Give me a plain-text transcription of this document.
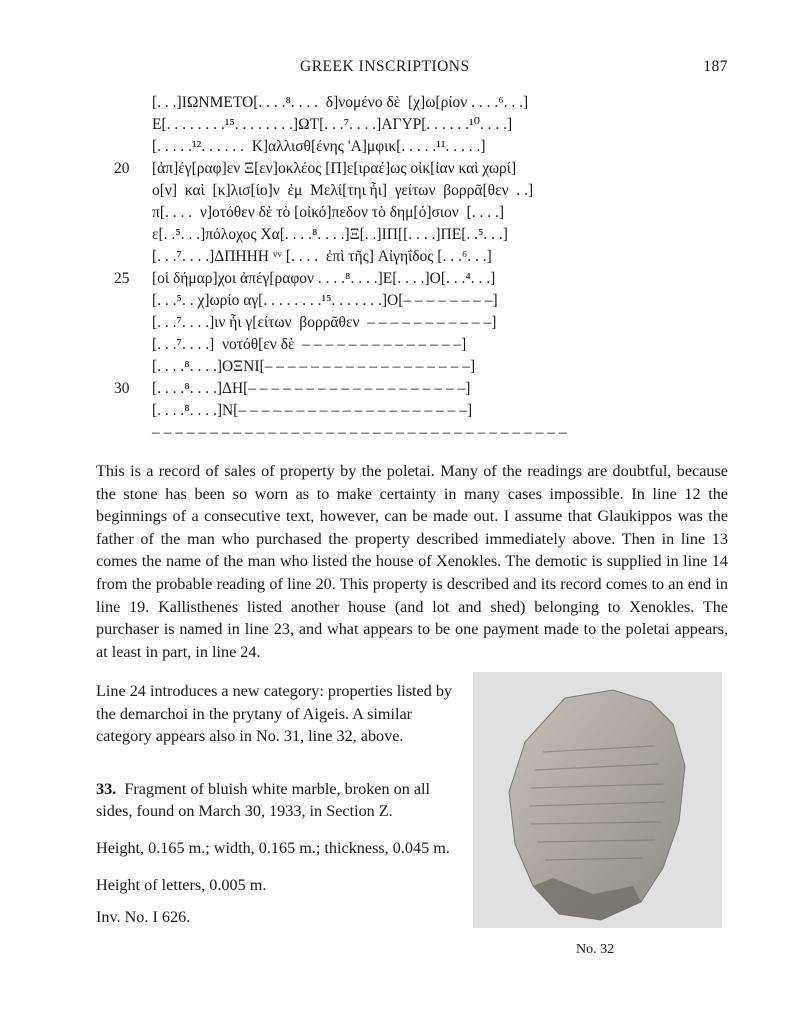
GREEK INSCRIPTIONS	187
[. . .]ΙΩΝΜΕΤΟ[. . . .⁸. . . .  δ]νομένο δὲ  [χ]ω[ρίον . . . .⁶. . .]
Ε[. . . . . . . .¹⁵. . . . . . . .]ΩΤ[. . .⁷. . . .]ΑΓΥΡ[. . . . . .¹⁰. . . .]
[. . . . .¹². . . . . .  Κ]αλλισθ[ένης 'Α]μφικ[. . . . .¹¹. . . . .]
20	[ἀπ]έγ[ραφ]εν Ξ[εν]οκλέος [Π]ε[ιραέ]ως οἰκ[ίαν καὶ χωρί]
ο[ν]  καὶ  [κ]λισ[ίο]ν  ἐμ  Μελί[τηι ἧι]  γείτων  βορρᾶ[θεν  . .]
π[. . . .  ν]οτόθεν δὲ τὸ [οἰκό]πεδον τὸ δημ[ό]σιον  [. . . .]
ε[. .⁵. . .]πόλοχος Χα[. . . .⁸. . . .]Ξ[. .]ΙΠ[[. . . .]ΠΕ[. .⁵. . .]
[. . .⁷. . . .]ΔΠΗΗΗ ᵛᵛ [. . . .  ἐπὶ τῆς] Αἰγηΐδος [. . .⁶. . .]
25	[οἱ δήμαρ]χοι ἀπέγ[ραφον . . . .⁸. . . .]Ε[. . . .]Ο[. . .⁴. . .]
[. . .⁵. . χ]ωρίο αγ[. . . . . . . .¹⁵. . . . . . .]Ο[– – – – – – – –]
[. . .⁷. . . .]ιν ἧι γ[είτων  βορρᾶθεν  – – – – – – – – – – –]
[. . .⁷. . . .]  νοτόθ[εν δὲ  – – – – – – – – – – – – – –]
[. . . .⁸. . . .]ΟΞΝΙ[– – – – – – – – – – – – – – – – – –]
30	[. . . .⁸. . . .]ΔΗ[– – – – – – – – – – – – – – – – – – –]
[. . . .⁸. . . .]Ν[– – – – – – – – – – – – – – – – – – – –]
– – – – – – – – – – – – – – – – – – – – – – – – – – – – – – – – – – – –

This is a record of sales of property by the poletai. Many of the readings are doubtful, because the stone has been so worn as to make certainty in many cases impossible. In line 12 the beginnings of a consecutive text, however, can be made out. I assume that Glaukippos was the father of the man who purchased the property described immediately above. Then in line 13 comes the name of the man who listed the house of Xenokles. The demotic is supplied in line 14 from the probable reading of line 20. This property is described and its record comes to an end in line 19. Kallisthenes listed another house (and lot and shed) belonging to Xenokles. The purchaser is named in line 23, and what appears to be one payment made to the poletai appears, at least in part, in line 24.

Line 24 introduces a new category: properties listed by the demarchoi in the prytany of Aigeis. A similar category appears also in No. 31, line 32, above.

33. Fragment of bluish white marble, broken on all sides, found on March 30, 1933, in Section Z.

Height, 0.165 m.; width, 0.165 m.; thickness, 0.045 m.

Height of letters, 0.005 m.

Inv. No. I 626.

No. 32
